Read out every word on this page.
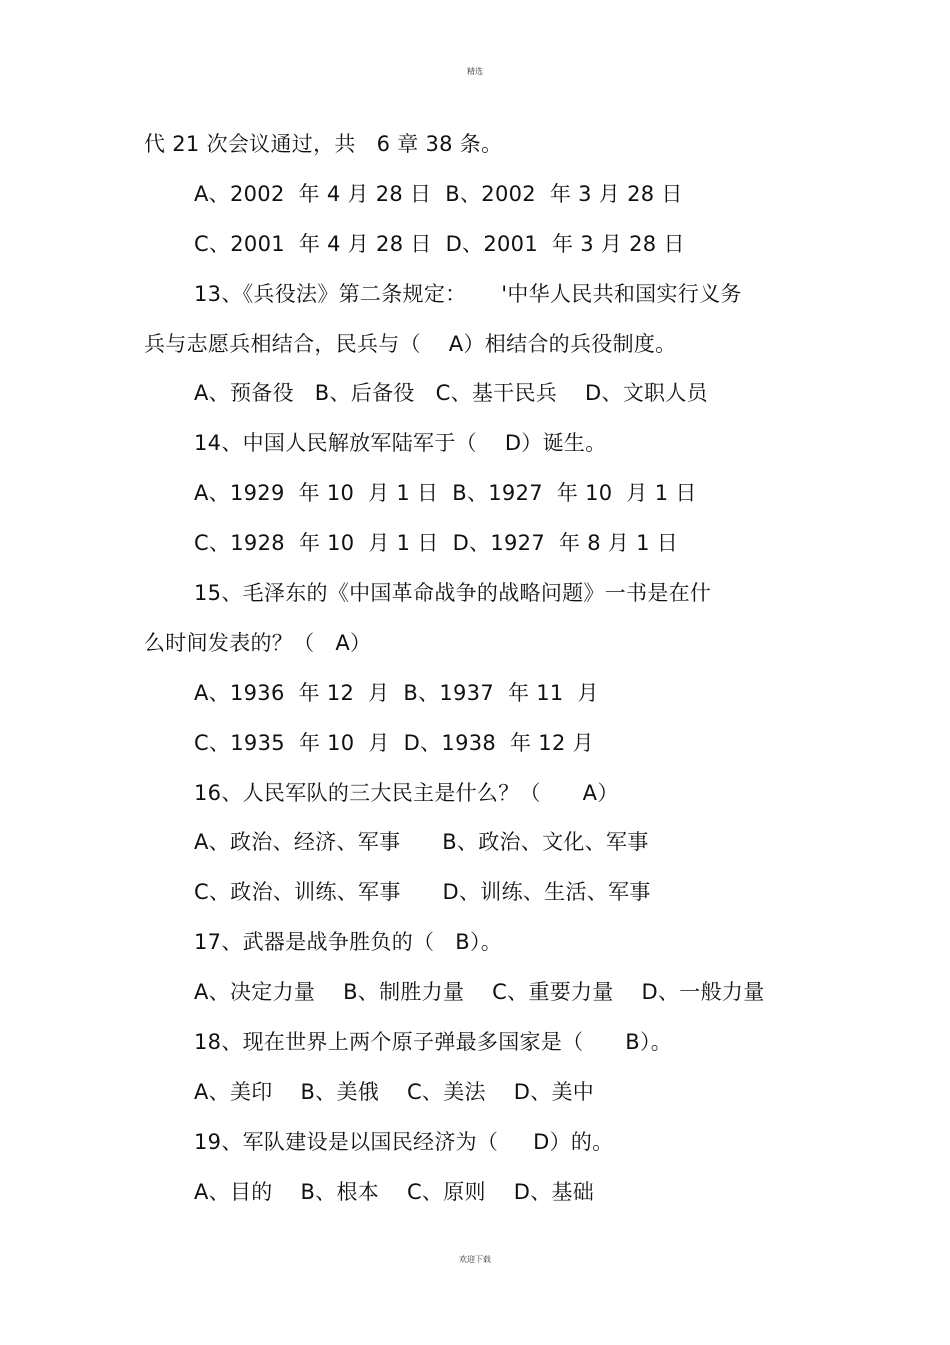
精选
代 21 次会议通过，共   6 章 38 条。
A、2002  年 4 月 28 日  B、2002  年 3 月 28 日
C、2001  年 4 月 28 日  D、2001  年 3 月 28 日
13、《兵役法》第二条规定：     '中华人民共和国实行义务
兵与志愿兵相结合，民兵与（    A）相结合的兵役制度。
A、预备役   B、后备役   C、基干民兵    D、文职人员
14、中国人民解放军陆军于（    D）诞生。
A、1929  年 10  月 1 日  B、1927  年 10  月 1 日
C、1928  年 10  月 1 日  D、1927  年 8 月 1 日
15、毛泽东的《中国革命战争的战略问题》一书是在什
么时间发表的？（   A）
A、1936  年 12  月  B、1937  年 11  月
C、1935  年 10  月  D、1938  年 12 月
16、人民军队的三大民主是什么？（      A）
A、政治、经济、军事      B、政治、文化、军事
C、政治、训练、军事      D、训练、生活、军事
17、武器是战争胜负的（   B）。
A、决定力量    B、制胜力量    C、重要力量    D、一般力量
18、现在世界上两个原子弹最多国家是（      B）。
A、美印    B、美俄    C、美法    D、美中
19、军队建设是以国民经济为（     D）的。
A、目的    B、根本    C、原则    D、基础
欢迎下载
